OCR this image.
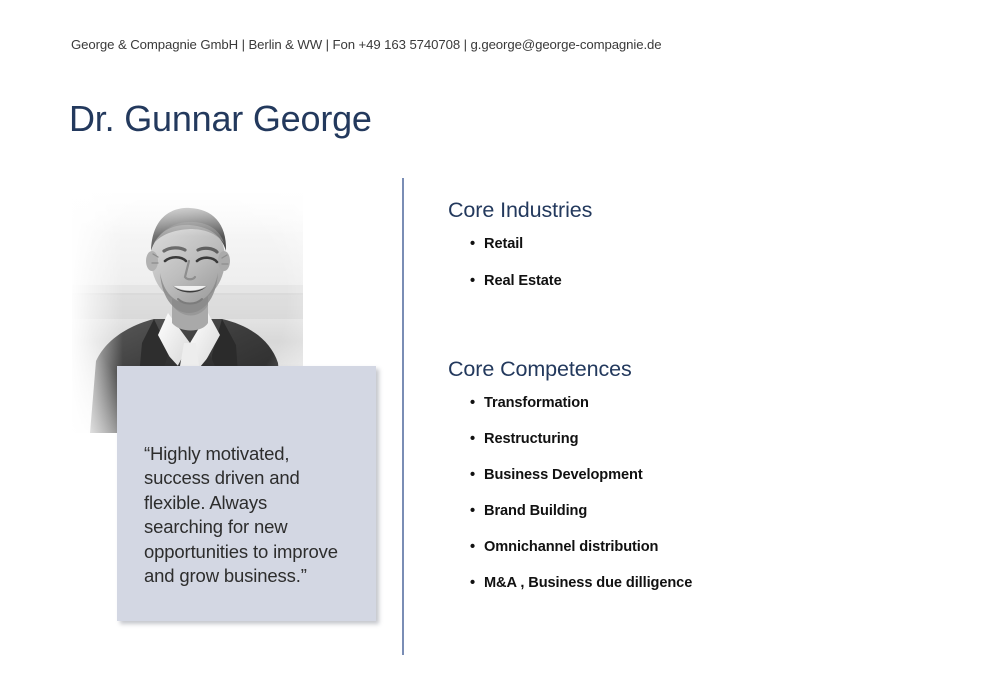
George & Compagnie GmbH | Berlin & WW | Fon +49 163 5740708 | g.george@george-compagnie.de
Dr. Gunnar George
“Highly motivated, success driven and flexible. Always searching for new opportunities to improve and grow business.”
Core Industries
• Retail
• Real Estate
Core Competences
• Transformation
• Restructuring
• Business Development
• Brand Building
• Omnichannel distribution
• M&A , Business due dilligence
